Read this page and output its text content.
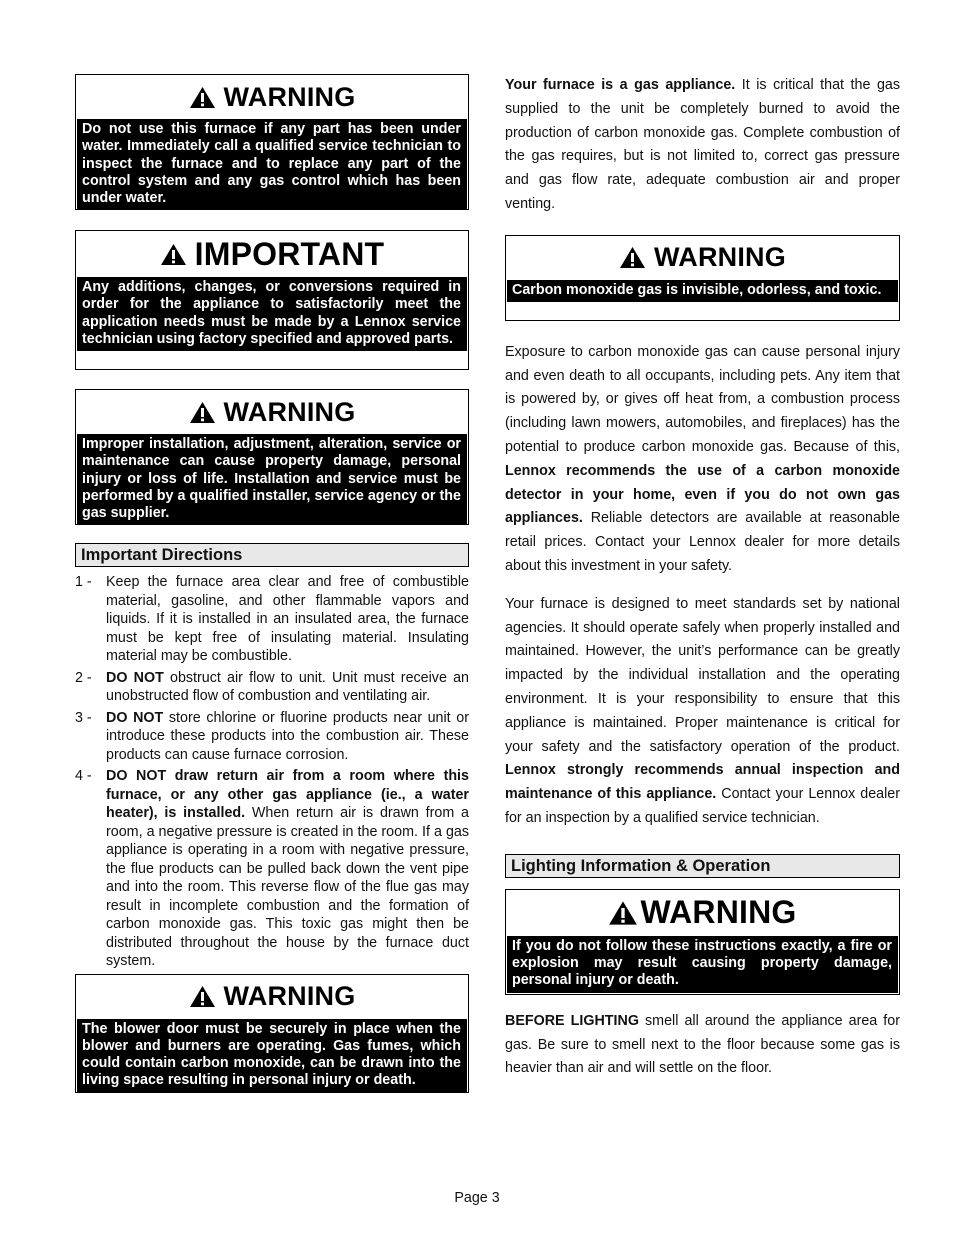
WARNING
Do not use this furnace if any part has been under water. Immediately call a qualified service technician to inspect the furnace and to replace any part of the control system and any gas control which has been under water.
IMPORTANT
Any additions, changes, or conversions required in order for the appliance to satisfactorily meet the application needs must be made by a Lennox service technician using factory specified and approved parts.
WARNING
Improper installation, adjustment, alteration, service or maintenance can cause property damage, personal injury or loss of life. Installation and service must be performed by a qualified installer, service agency or the gas supplier.
Important Directions
1 -	Keep the furnace area clear and free of combustible material, gasoline, and other flammable vapors and liquids. If it is installed in an insulated area, the furnace must be kept free of insulating material. Insulating material may be combustible.
2 -	DO NOT obstruct air flow to unit. Unit must receive an unobstructed flow of combustion and ventilating air.
3 -	DO NOT store chlorine or fluorine products near unit or introduce these products into the combustion air. These products can cause furnace corrosion.
4 -	DO NOT draw return air from a room where this furnace, or any other gas appliance (ie., a water heater), is installed. When return air is drawn from a room, a negative pressure is created in the room. If a gas appliance is operating in a room with negative pressure, the flue products can be pulled back down the vent pipe and into the room. This reverse flow of the flue gas may result in incomplete combustion and the formation of carbon monoxide gas. This toxic gas might then be distributed throughout the house by the furnace duct system.
WARNING
The blower door must be securely in place when the blower and burners are operating. Gas fumes, which could contain carbon monoxide, can be drawn into the living space resulting in personal injury or death.

Your furnace is a gas appliance. It is critical that the gas supplied to the unit be completely burned to avoid the production of carbon monoxide gas. Complete combustion of the gas requires, but is not limited to, correct gas pressure and gas flow rate, adequate combustion air and proper venting.

WARNING
Carbon monoxide gas is invisible, odorless, and toxic.

Exposure to carbon monoxide gas can cause personal injury and even death to all occupants, including pets. Any item that is powered by, or gives off heat from, a combustion process (including lawn mowers, automobiles, and fireplaces) has the potential to produce carbon monoxide gas. Because of this, Lennox recommends the use of a carbon monoxide detector in your home, even if you do not own gas appliances. Reliable detectors are available at reasonable retail prices. Contact your Lennox dealer for more details about this investment in your safety.

Your furnace is designed to meet standards set by national agencies. It should operate safely when properly installed and maintained. However, the unit’s performance can be greatly impacted by the individual installation and the operating environment. It is your responsibility to ensure that this appliance is maintained. Proper maintenance is critical for your safety and the satisfactory operation of the product. Lennox strongly recommends annual inspection and maintenance of this appliance. Contact your Lennox dealer for an inspection by a qualified service technician.

Lighting Information & Operation
WARNING
If you do not follow these instructions exactly, a fire or explosion may result causing property damage, personal injury or death.

BEFORE LIGHTING smell all around the appliance area for gas. Be sure to smell next to the floor because some gas is heavier than air and will settle on the floor.

Page 3
